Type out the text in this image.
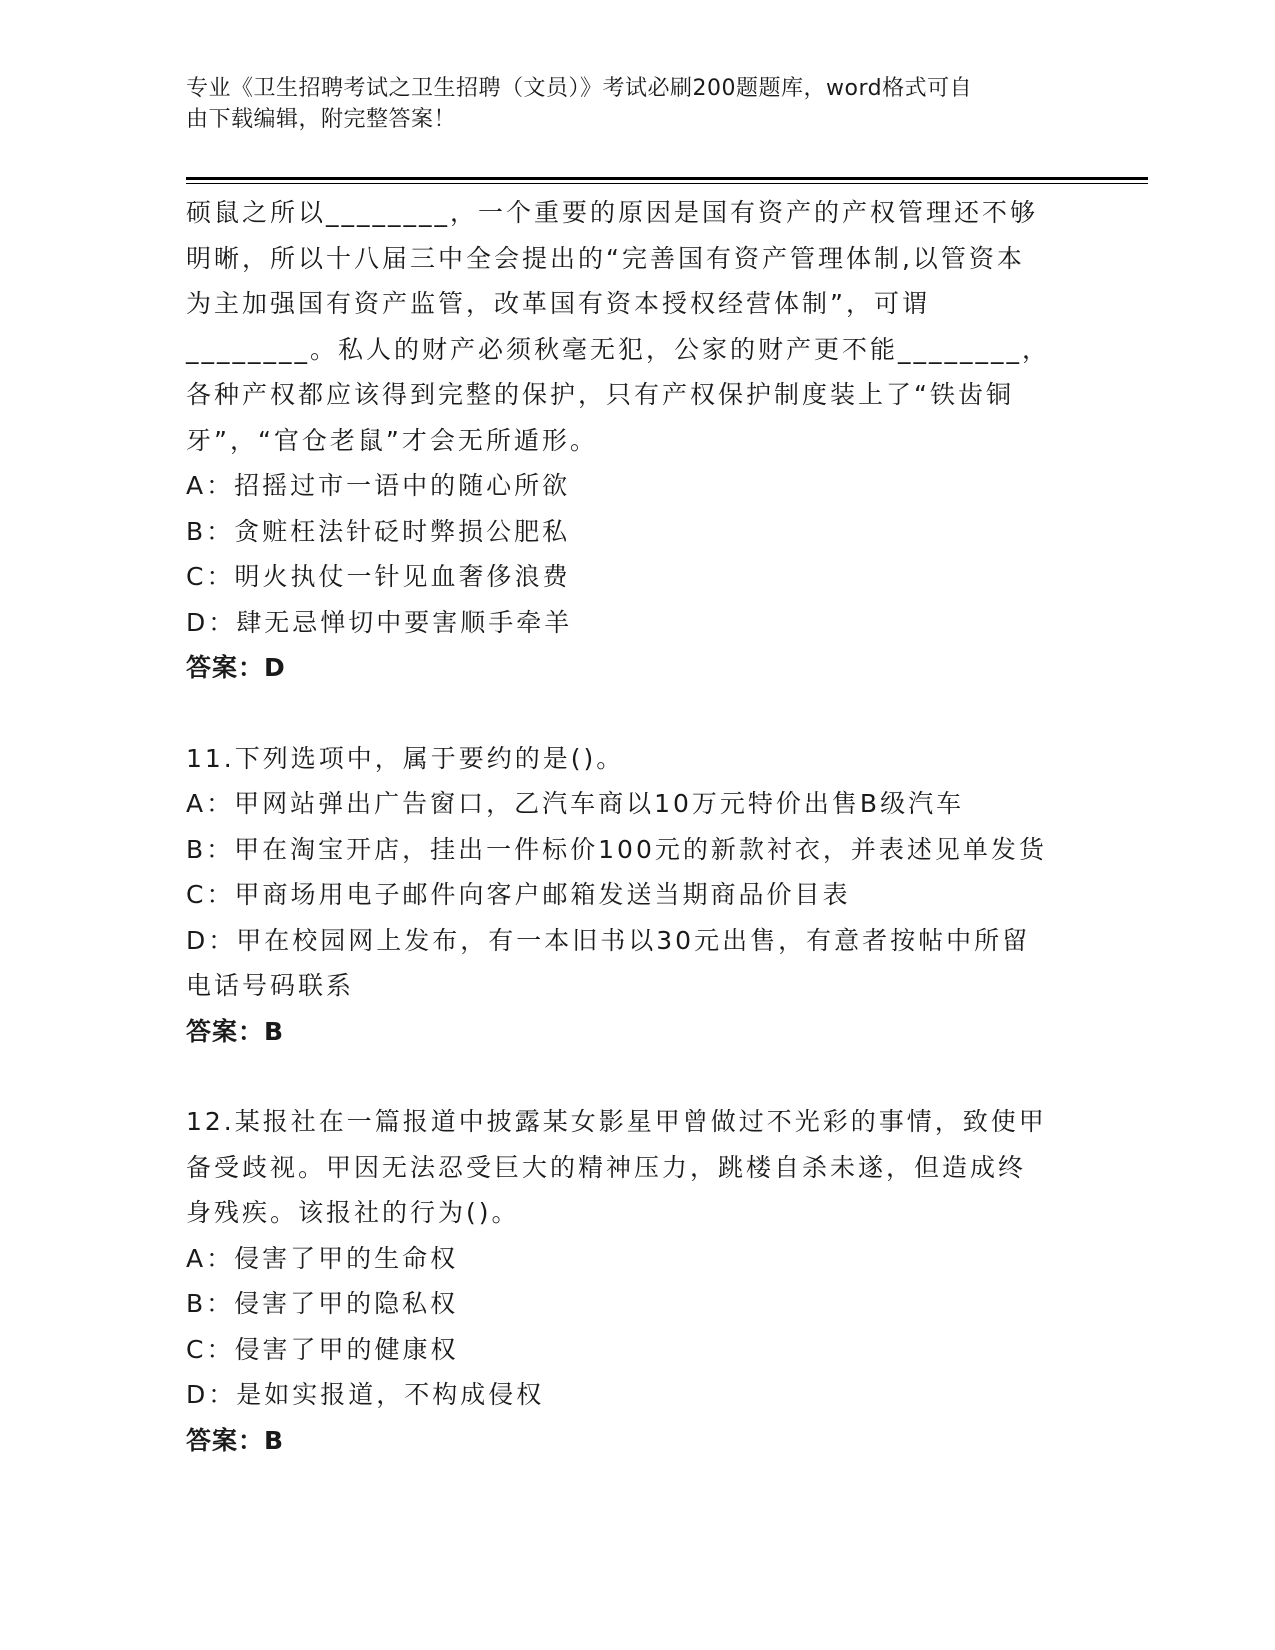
专业《卫生招聘考试之卫生招聘（文员）》考试必刷200题题库，word格式可自
由下载编辑，附完整答案！
硕鼠之所以________，一个重要的原因是国有资产的产权管理还不够
明晰，所以十八届三中全会提出的“完善国有资产管理体制,以管资本
为主加强国有资产监管，改革国有资本授权经营体制”，可谓
________。私人的财产必须秋毫无犯，公家的财产更不能________，
各种产权都应该得到完整的保护，只有产权保护制度装上了“铁齿铜
牙”，“官仓老鼠”才会无所遁形。
A：招摇过市一语中的随心所欲
B：贪赃枉法针砭时弊损公肥私
C：明火执仗一针见血奢侈浪费
D：肆无忌惮切中要害顺手牵羊
答案：D
11.下列选项中，属于要约的是()。
A：甲网站弹出广告窗口，乙汽车商以10万元特价出售B级汽车
B：甲在淘宝开店，挂出一件标价100元的新款衬衣，并表述见单发货
C：甲商场用电子邮件向客户邮箱发送当期商品价目表
D：甲在校园网上发布，有一本旧书以30元出售，有意者按帖中所留
电话号码联系
答案：B
12.某报社在一篇报道中披露某女影星甲曾做过不光彩的事情，致使甲
备受歧视。甲因无法忍受巨大的精神压力，跳楼自杀未遂，但造成终
身残疾。该报社的行为()。
A：侵害了甲的生命权
B：侵害了甲的隐私权
C：侵害了甲的健康权
D：是如实报道，不构成侵权
答案：B
